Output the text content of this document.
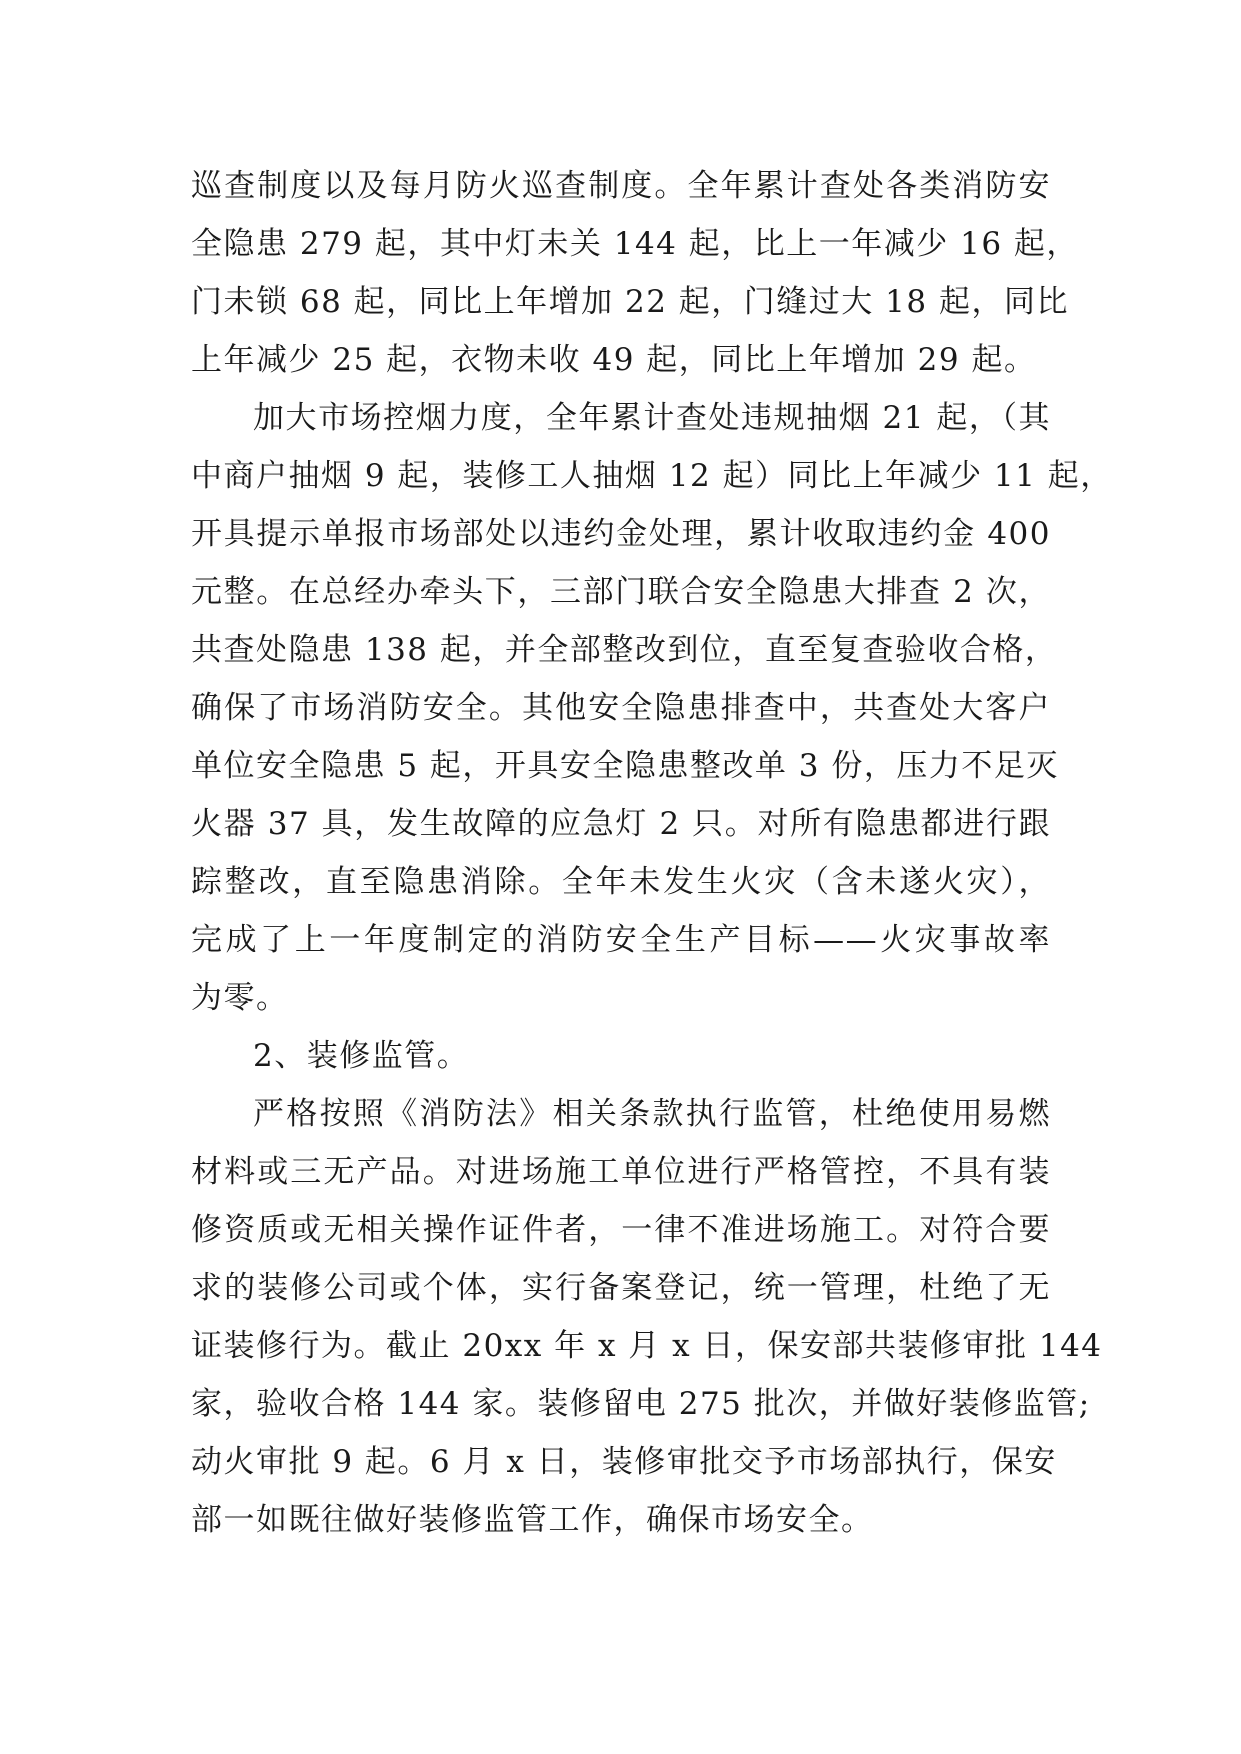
巡查制度以及每月防火巡查制度。全年累计查处各类消防安
全隐患 279 起，其中灯未关 144 起，比上一年减少 16 起，
门未锁 68 起，同比上年增加 22 起，门缝过大 18 起，同比
上年减少 25 起，衣物未收 49 起，同比上年增加 29 起。
加大市场控烟力度，全年累计查处违规抽烟 21 起，（其
中商户抽烟 9 起，装修工人抽烟 12 起）同比上年减少 11 起，
开具提示单报市场部处以违约金处理，累计收取违约金 400
元整。在总经办牵头下，三部门联合安全隐患大排查 2 次，
共查处隐患 138 起，并全部整改到位，直至复查验收合格，
确保了市场消防安全。其他安全隐患排查中，共查处大客户
单位安全隐患 5 起，开具安全隐患整改单 3 份，压力不足灭
火器 37 具，发生故障的应急灯 2 只。对所有隐患都进行跟
踪整改，直至隐患消除。全年未发生火灾（含未遂火灾），
完成了上一年度制定的消防安全生产目标——火灾事故率
为零。
2、装修监管。
严格按照《消防法》相关条款执行监管，杜绝使用易燃
材料或三无产品。对进场施工单位进行严格管控，不具有装
修资质或无相关操作证件者，一律不准进场施工。对符合要
求的装修公司或个体，实行备案登记，统一管理，杜绝了无
证装修行为。截止 20xx 年 x 月 x 日，保安部共装修审批 144
家，验收合格 144 家。装修留电 275 批次，并做好装修监管;
动火审批 9 起。6 月 x 日，装修审批交予市场部执行，保安
部一如既往做好装修监管工作，确保市场安全。
